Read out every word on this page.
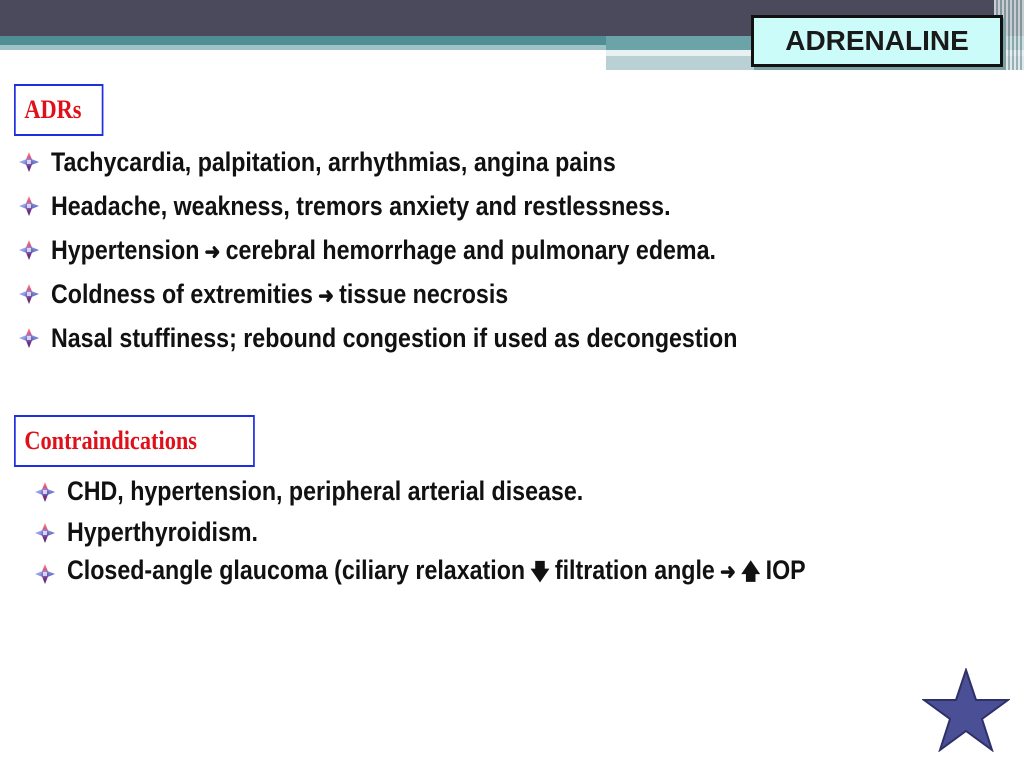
ADRENALINE
ADRs
Tachycardia, palpitation, arrhythmias, angina pains
Headache, weakness, tremors anxiety and restlessness.
Hypertension ➜ cerebral hemorrhage and pulmonary edema.
Coldness of extremities ➜ tissue necrosis
Nasal stuffiness; rebound congestion if used as decongestion
Contraindications
CHD, hypertension, peripheral arterial disease.
Hyperthyroidism.
Closed-angle glaucoma (ciliary relaxation 🡇 filtration angle ➜ 🡅 IOP
